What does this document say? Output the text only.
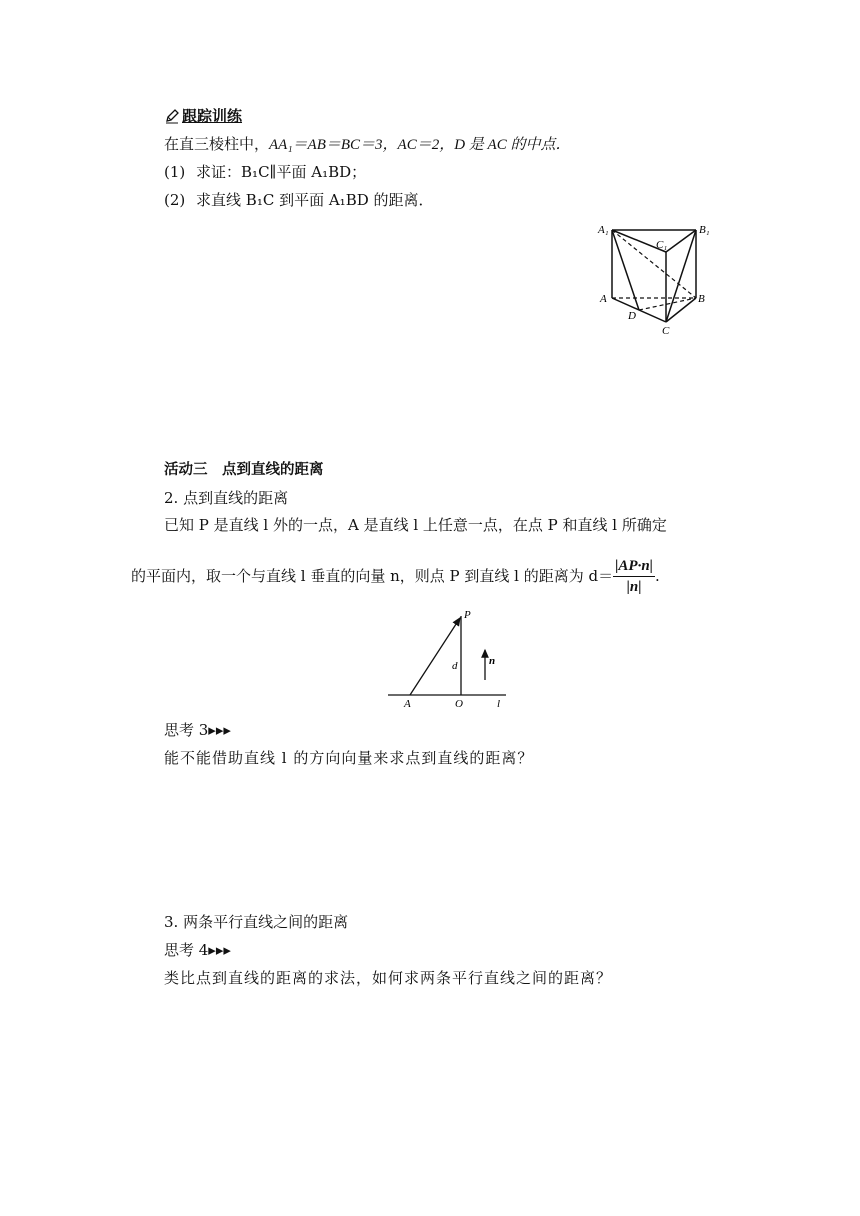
跟踪训练
在直三棱柱中，AA₁＝AB＝BC＝3，AC＝2，D 是 AC 的中点．
(1) 求证：B₁C∥平面 A₁BD；
(2) 求直线 B₁C 到平面 A₁BD 的距离．
A₁	B₁
C₁
A	B
C
D
活动三　点到直线的距离
2. 点到直线的距离
已知 P 是直线 l 外的一点，A 是直线 l 上任意一点，在点 P 和直线 l 所确定
的平面内，取一个与直线 l 垂直的向量 n，则点 P 到直线 l 的距离为 $d= \frac{|AP\cdot n|}{|n|}$ .
P
d	n
A	O	l
思考 3▸▸▸
能不能借助直线 l 的方向向量来求点到直线的距离？
3. 两条平行直线之间的距离
思考 4▸▸▸
类比点到直线的距离的求法，如何求两条平行直线之间的距离？
